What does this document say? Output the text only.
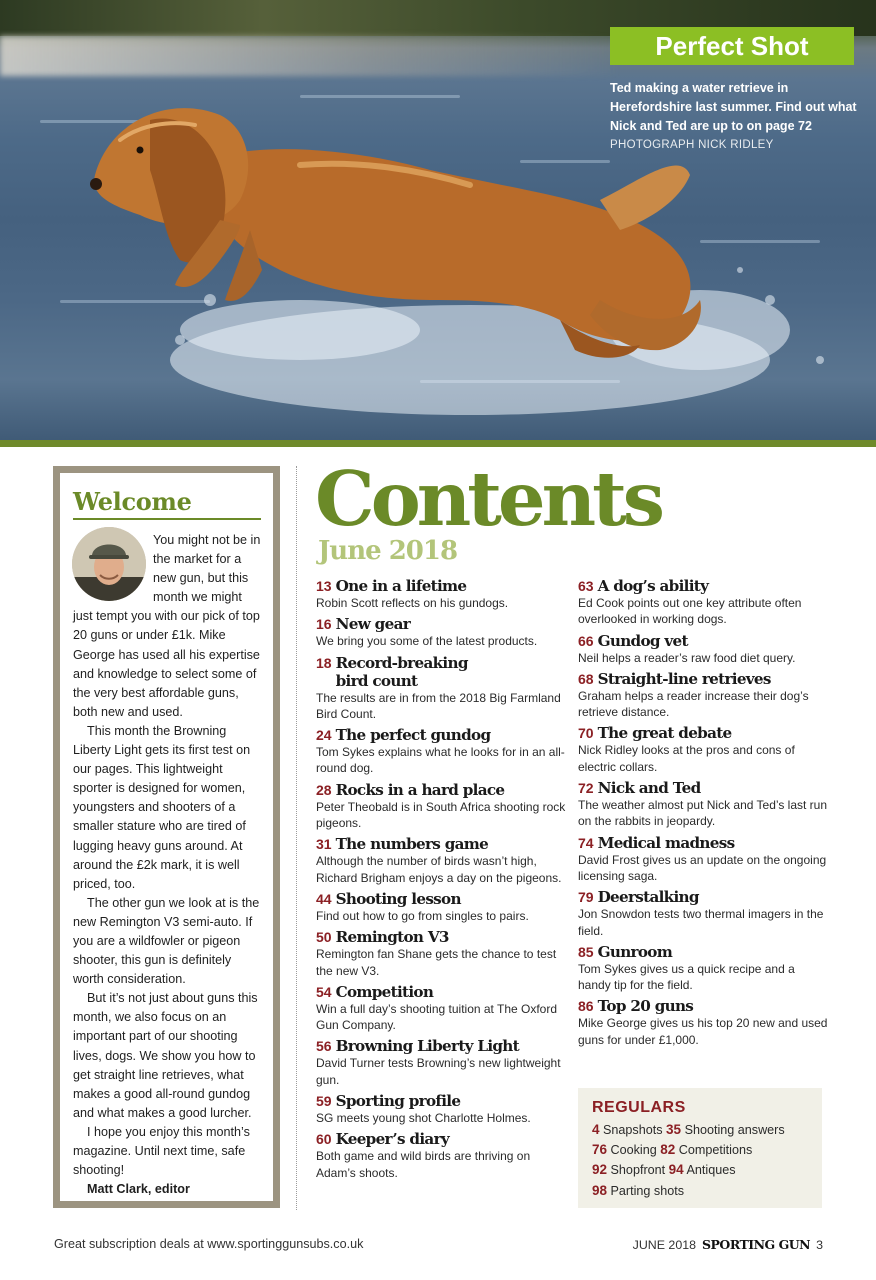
Perfect Shot
Ted making a water retrieve in Herefordshire last summer. Find out what Nick and Ted are up to on page 72
PHOTOGRAPH NICK RIDLEY
Welcome

You might not be in the market for a new gun, but this month we might just tempt you with our pick of top 20 guns or under £1k. Mike George has used all his expertise and knowledge to select some of the very best affordable guns, both new and used.

This month the Browning Liberty Light gets its first test on our pages. This lightweight sporter is designed for women, youngsters and shooters of a smaller stature who are tired of lugging heavy guns around. At around the £2k mark, it is well priced, too.

The other gun we look at is the new Remington V3 semi-auto. If you are a wildfowler or pigeon shooter, this gun is definitely worth consideration.

But it’s not just about guns this month, we also focus on an important part of our shooting lives, dogs. We show you how to get straight line retrieves, what makes a good all-round gundog and what makes a good lurcher.

I hope you enjoy this month’s magazine. Until next time, safe shooting!

Matt Clark, editor

Contents
June 2018
13 One in a lifetime
Robin Scott reflects on his gundogs.
16 New gear
We bring you some of the latest products.
18 Record-breaking bird count
The results are in from the 2018 Big Farmland Bird Count.
24 The perfect gundog
Tom Sykes explains what he looks for in an all-round dog.
28 Rocks in a hard place
Peter Theobald is in South Africa shooting rock pigeons.
31 The numbers game
Although the number of birds wasn’t high, Richard Brigham enjoys a day on the pigeons.
44 Shooting lesson
Find out how to go from singles to pairs.
50 Remington V3
Remington fan Shane gets the chance to test the new V3.
54 Competition
Win a full day’s shooting tuition at The Oxford Gun Company.
56 Browning Liberty Light
David Turner tests Browning’s new lightweight gun.
59 Sporting profile
SG meets young shot Charlotte Holmes.
60 Keeper’s diary
Both game and wild birds are thriving on Adam’s shoots.
63 A dog’s ability
Ed Cook points out one key attribute often overlooked in working dogs.
66 Gundog vet
Neil helps a reader’s raw food diet query.
68 Straight-line retrieves
Graham helps a reader increase their dog’s retrieve distance.
70 The great debate
Nick Ridley looks at the pros and cons of electric collars.
72 Nick and Ted
The weather almost put Nick and Ted’s last run on the rabbits in jeopardy.
74 Medical madness
David Frost gives us an update on the ongoing licensing saga.
79 Deerstalking
Jon Snowdon tests two thermal imagers in the field.
85 Gunroom
Tom Sykes gives us a quick recipe and a handy tip for the field.
86 Top 20 guns
Mike George gives us his top 20 new and used guns for under £1,000.
REGULARS
4 Snapshots 35 Shooting answers
76 Cooking 82 Competitions
92 Shopfront 94 Antiques
98 Parting shots
Great subscription deals at www.sportinggunsubs.co.uk	JUNE 2018 SPORTING GUN 3
